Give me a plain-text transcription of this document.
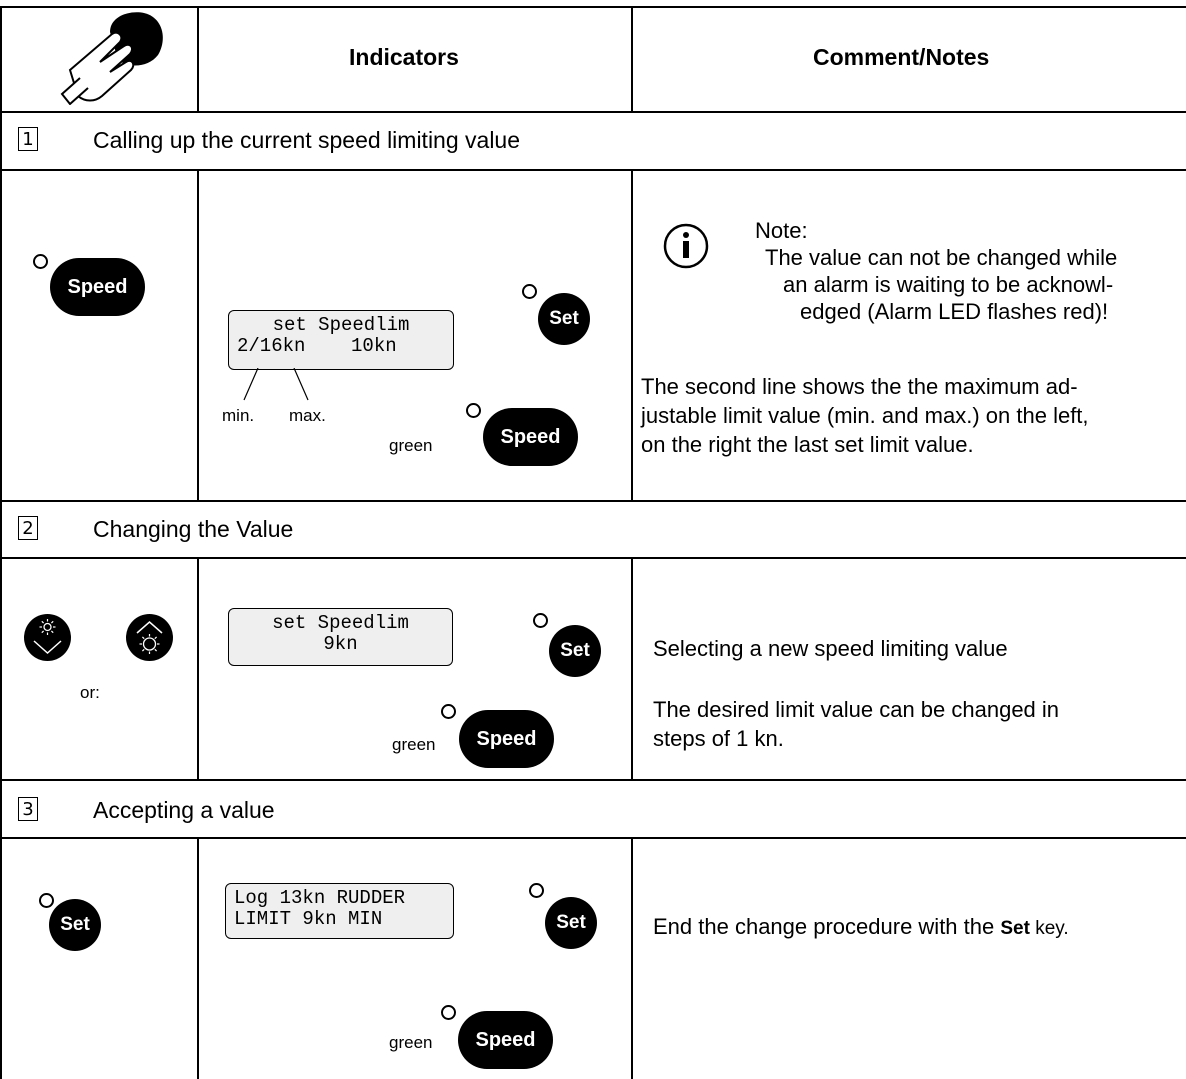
Indicators	Comment/Notes
1	Calling up the current speed limiting value
Speed
set Speedlim
2/16kn    10kn
min. max.
Set
green	Speed
Note:
The value can not be changed while
an alarm is waiting to be acknowl-
edged (Alarm LED flashes red)!
The second line shows the the maximum ad-
justable limit value (min. and max.) on the left,
on the right the last set limit value.
2	Changing the Value
or:
set Speedlim
9kn	Set
green	Speed
Selecting a new speed limiting value
The desired limit value can be changed in
steps of 1 kn.
3	Accepting a value
Set
Log 13kn RUDDER
LIMIT 9kn MIN	Set
green	Speed
End the change procedure with the Set key.
